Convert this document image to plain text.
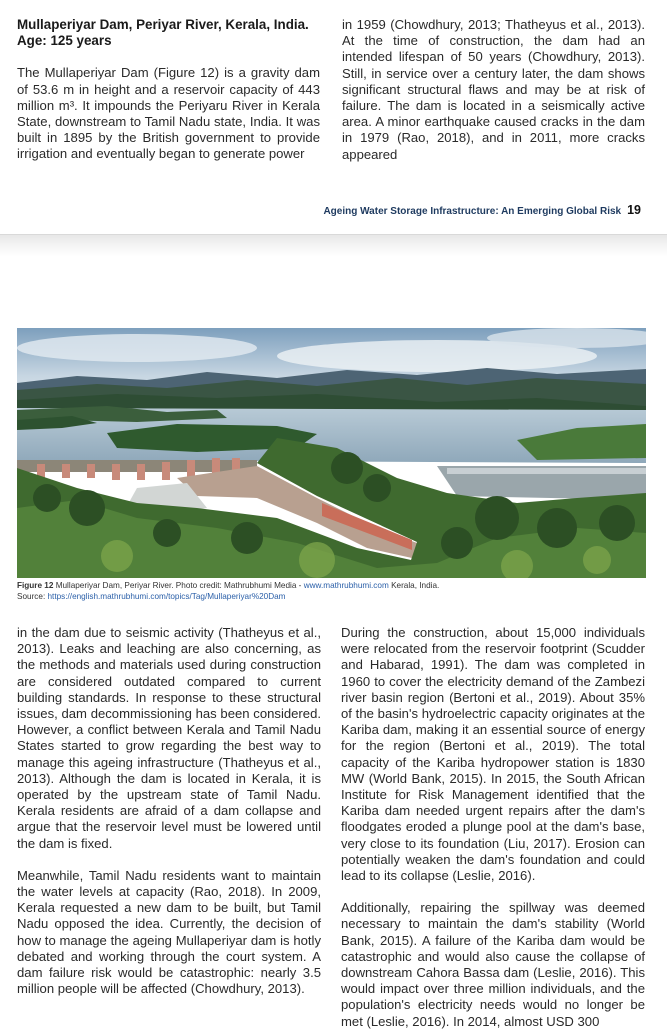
Mullaperiyar Dam, Periyar River, Kerala, India.
Age: 125 years

The Mullaperiyar Dam (Figure 12) is a gravity dam of 53.6 m in height and a reservoir capacity of 443 million m³. It impounds the Periyaru River in Kerala State, downstream to Tamil Nadu state, India. It was built in 1895 by the British government to provide irrigation and eventually began to generate power

in 1959 (Chowdhury, 2013; Thatheyus et al., 2013). At the time of construction, the dam had an intended lifespan of 50 years (Chowdhury, 2013). Still, in service over a century later, the dam shows significant structural flaws and may be at risk of failure. The dam is located in a seismically active area. A minor earthquake caused cracks in the dam in 1979 (Rao, 2018), and in 2011, more cracks appeared

Ageing Water Storage Infrastructure: An Emerging Global Risk 19
Figure 12 Mullaperiyar Dam, Periyar River. Photo credit: Mathrubhumi Media - www.mathrubhumi.com Kerala, India.
Source: https://english.mathrubhumi.com/topics/Tag/Mullaperiyar%20Dam

in the dam due to seismic activity (Thatheyus et al., 2013). Leaks and leaching are also concerning, as the methods and materials used during construction are considered outdated compared to current building standards. In response to these structural issues, dam decommissioning has been considered. However, a conflict between Kerala and Tamil Nadu States started to grow regarding the best way to manage this ageing infrastructure (Thatheyus et al., 2013). Although the dam is located in Kerala, it is operated by the upstream state of Tamil Nadu. Kerala residents are afraid of a dam collapse and argue that the reservoir level must be lowered until the dam is fixed.

Meanwhile, Tamil Nadu residents want to maintain the water levels at capacity (Rao, 2018). In 2009, Kerala requested a new dam to be built, but Tamil Nadu opposed the idea. Currently, the decision of how to manage the ageing Mullaperiyar dam is hotly debated and working through the court system. A dam failure risk would be catastrophic: nearly 3.5 million people will be affected (Chowdhury, 2013).

During the construction, about 15,000 individuals were relocated from the reservoir footprint (Scudder and Habarad, 1991). The dam was completed in 1960 to cover the electricity demand of the Zambezi river basin region (Bertoni et al., 2019). About 35% of the basin's hydroelectric capacity originates at the Kariba dam, making it an essential source of energy for the region (Bertoni et al., 2019). The total capacity of the Kariba hydropower station is 1830 MW (World Bank, 2015). In 2015, the South African Institute for Risk Management identified that the Kariba dam needed urgent repairs after the dam's floodgates eroded a plunge pool at the dam's base, very close to its foundation (Liu, 2017). Erosion can potentially weaken the dam's foundation and could lead to its collapse (Leslie, 2016).

Additionally, repairing the spillway was deemed necessary to maintain the dam's stability (World Bank, 2015). A failure of the Kariba dam would be catastrophic and would also cause the collapse of downstream Cahora Bassa dam (Leslie, 2016). This would impact over three million individuals, and the population's electricity needs would no longer be met (Leslie, 2016). In 2014, almost USD 300
